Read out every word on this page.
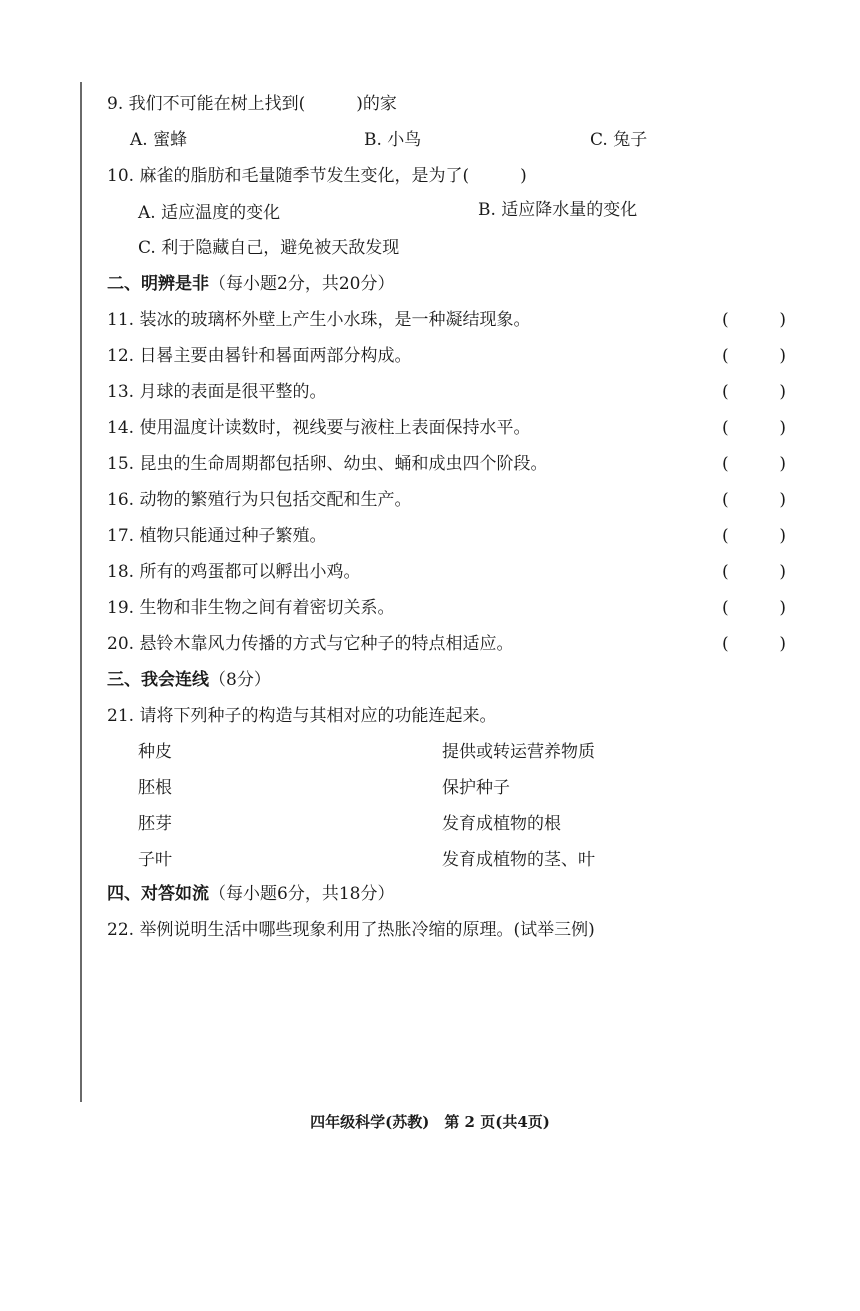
9. 我们不可能在树上找到(　　　)的家
A. 蜜蜂	B. 小鸟	C. 兔子
10. 麻雀的脂肪和毛量随季节发生变化，是为了(　　　)
A. 适应温度的变化	B. 适应降水量的变化
C. 利于隐藏自己，避免被天敌发现
二、明辨是非（每小题2分，共20分）
11. 装冰的玻璃杯外壁上产生小水珠，是一种凝结现象。	(	)
12. 日晷主要由晷针和晷面两部分构成。	(	)
13. 月球的表面是很平整的。	(	)
14. 使用温度计读数时，视线要与液柱上表面保持水平。	(	)
15. 昆虫的生命周期都包括卵、幼虫、蛹和成虫四个阶段。	(	)
16. 动物的繁殖行为只包括交配和生产。	(	)
17. 植物只能通过种子繁殖。	(	)
18. 所有的鸡蛋都可以孵出小鸡。	(	)
19. 生物和非生物之间有着密切关系。	(	)
20. 悬铃木靠风力传播的方式与它种子的特点相适应。	(	)
三、我会连线（8分）
21. 请将下列种子的构造与其相对应的功能连起来。
种皮	提供或转运营养物质
胚根	保护种子
胚芽	发育成植物的根
子叶	发育成植物的茎、叶
四、对答如流（每小题6分，共18分）
22. 举例说明生活中哪些现象利用了热胀冷缩的原理。(试举三例)
四年级科学(苏教)　第 2 页(共4页)
